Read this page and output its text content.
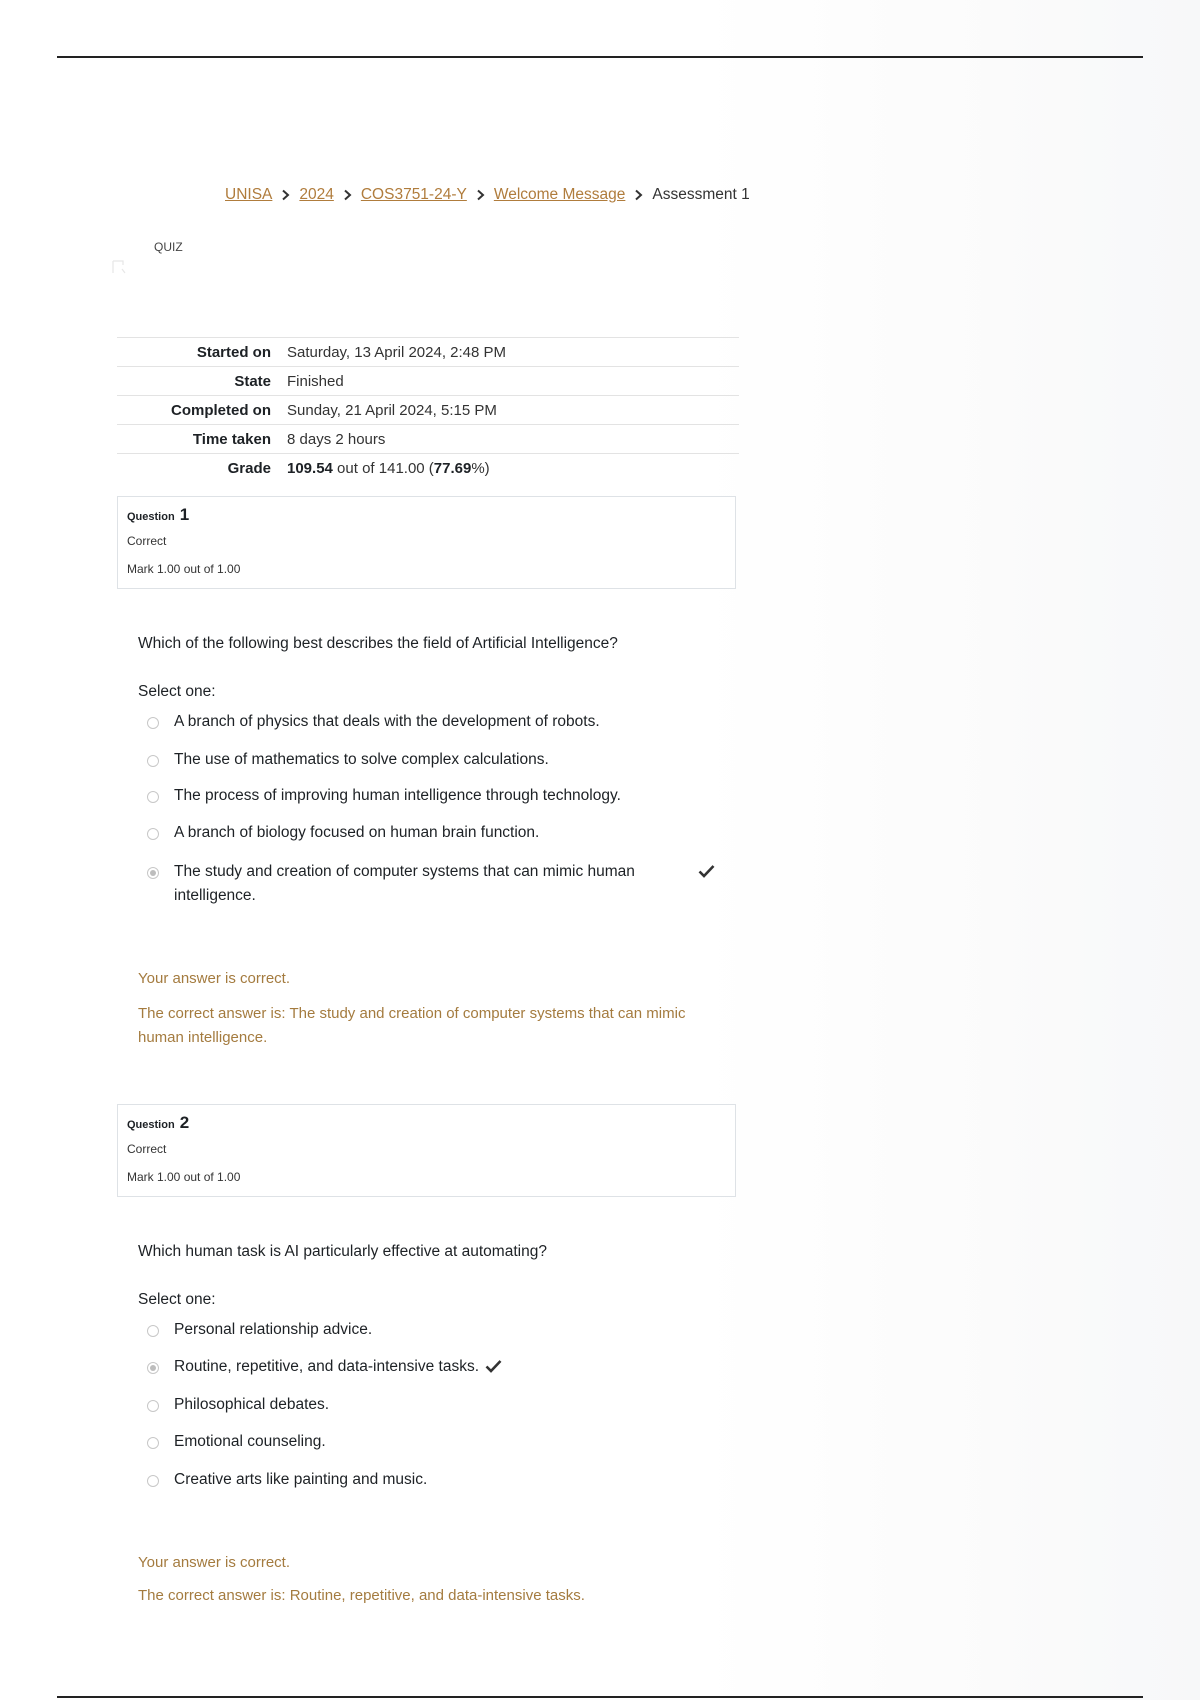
UNISA 2024 COS3751-24-Y Welcome Message Assessment 1
QUIZ
Started on	Saturday, 13 April 2024, 2:48 PM
State	Finished
Completed on	Sunday, 21 April 2024, 5:15 PM
Time taken	8 days 2 hours
Grade	109.54 out of 141.00 (77.69%)
Question 1
Correct
Mark 1.00 out of 1.00
Which of the following best describes the field of Artificial Intelligence?
Select one:
A branch of physics that deals with the development of robots.
The use of mathematics to solve complex calculations.
The process of improving human intelligence through technology.
A branch of biology focused on human brain function.
The study and creation of computer systems that can mimic human intelligence.
Your answer is correct.
The correct answer is: The study and creation of computer systems that can mimic human intelligence.
Question 2
Correct
Mark 1.00 out of 1.00
Which human task is AI particularly effective at automating?
Select one:
Personal relationship advice.
Routine, repetitive, and data-intensive tasks.
Philosophical debates.
Emotional counseling.
Creative arts like painting and music.
Your answer is correct.
The correct answer is: Routine, repetitive, and data-intensive tasks.
